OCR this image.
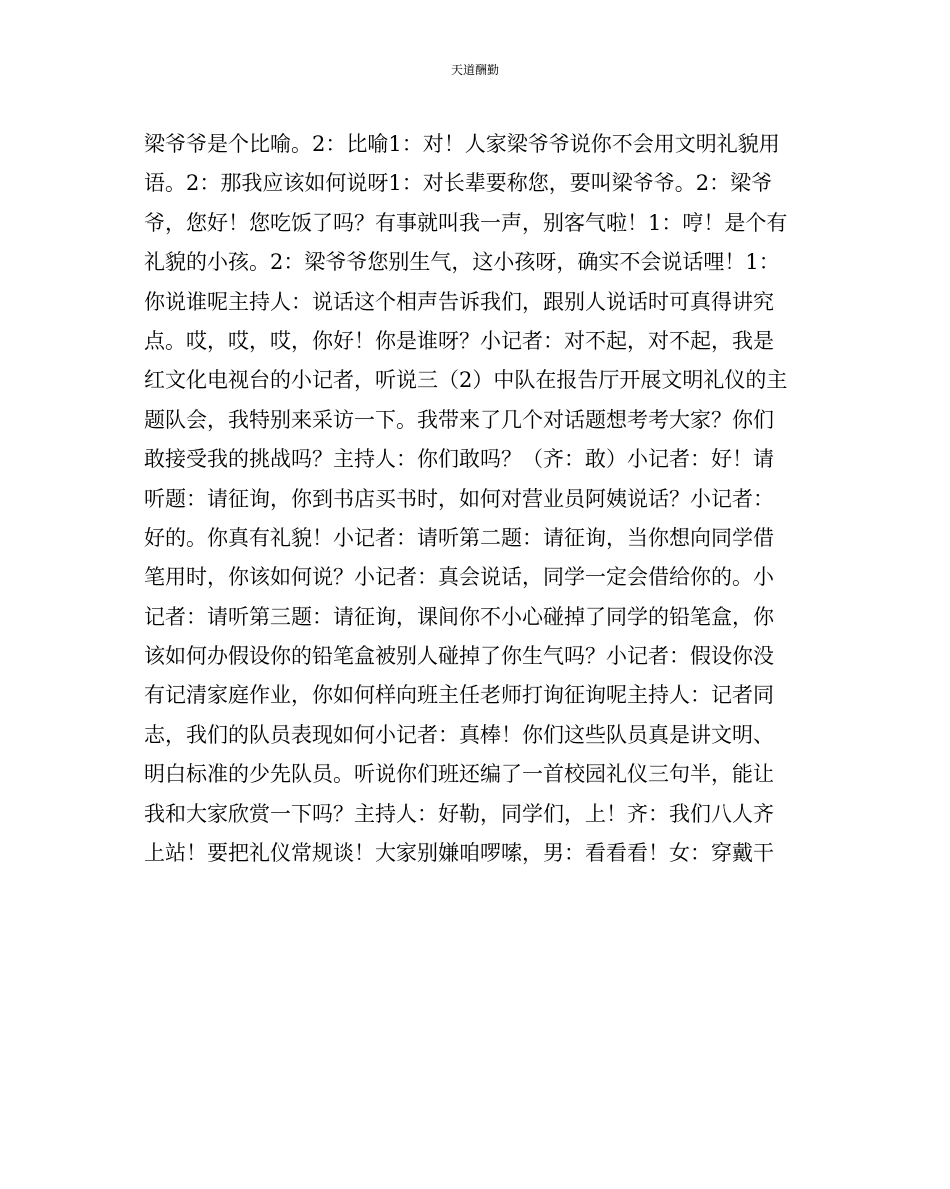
天道酬勤
梁爷爷是个比喻。2：比喻1：对！人家梁爷爷说你不会用文明礼貌用
语。2：那我应该如何说呀1：对长辈要称您，要叫梁爷爷。2：梁爷
爷，您好！您吃饭了吗？有事就叫我一声，别客气啦！1：哼！是个有
礼貌的小孩。2：梁爷爷您别生气，这小孩呀，确实不会说话哩！1：
你说谁呢主持人：说话这个相声告诉我们，跟别人说话时可真得讲究
点。哎，哎，哎，你好！你是谁呀？小记者：对不起，对不起，我是
红文化电视台的小记者，听说三（2）中队在报告厅开展文明礼仪的主
题队会，我特别来采访一下。我带来了几个对话题想考考大家？你们
敢接受我的挑战吗？主持人：你们敢吗？（齐：敢）小记者：好！请
听题：请征询，你到书店买书时，如何对营业员阿姨说话？小记者：
好的。你真有礼貌！小记者：请听第二题：请征询，当你想向同学借
笔用时，你该如何说？小记者：真会说话，同学一定会借给你的。小
记者：请听第三题：请征询，课间你不小心碰掉了同学的铅笔盒，你
该如何办假设你的铅笔盒被别人碰掉了你生气吗？小记者：假设你没
有记清家庭作业，你如何样向班主任老师打询征询呢主持人：记者同
志，我们的队员表现如何小记者：真棒！你们这些队员真是讲文明、
明白标准的少先队员。听说你们班还编了一首校园礼仪三句半，能让
我和大家欣赏一下吗？主持人：好勒，同学们，上！齐：我们八人齐
上站！要把礼仪常规谈！大家别嫌咱啰嗦，男：看看看！女：穿戴干
